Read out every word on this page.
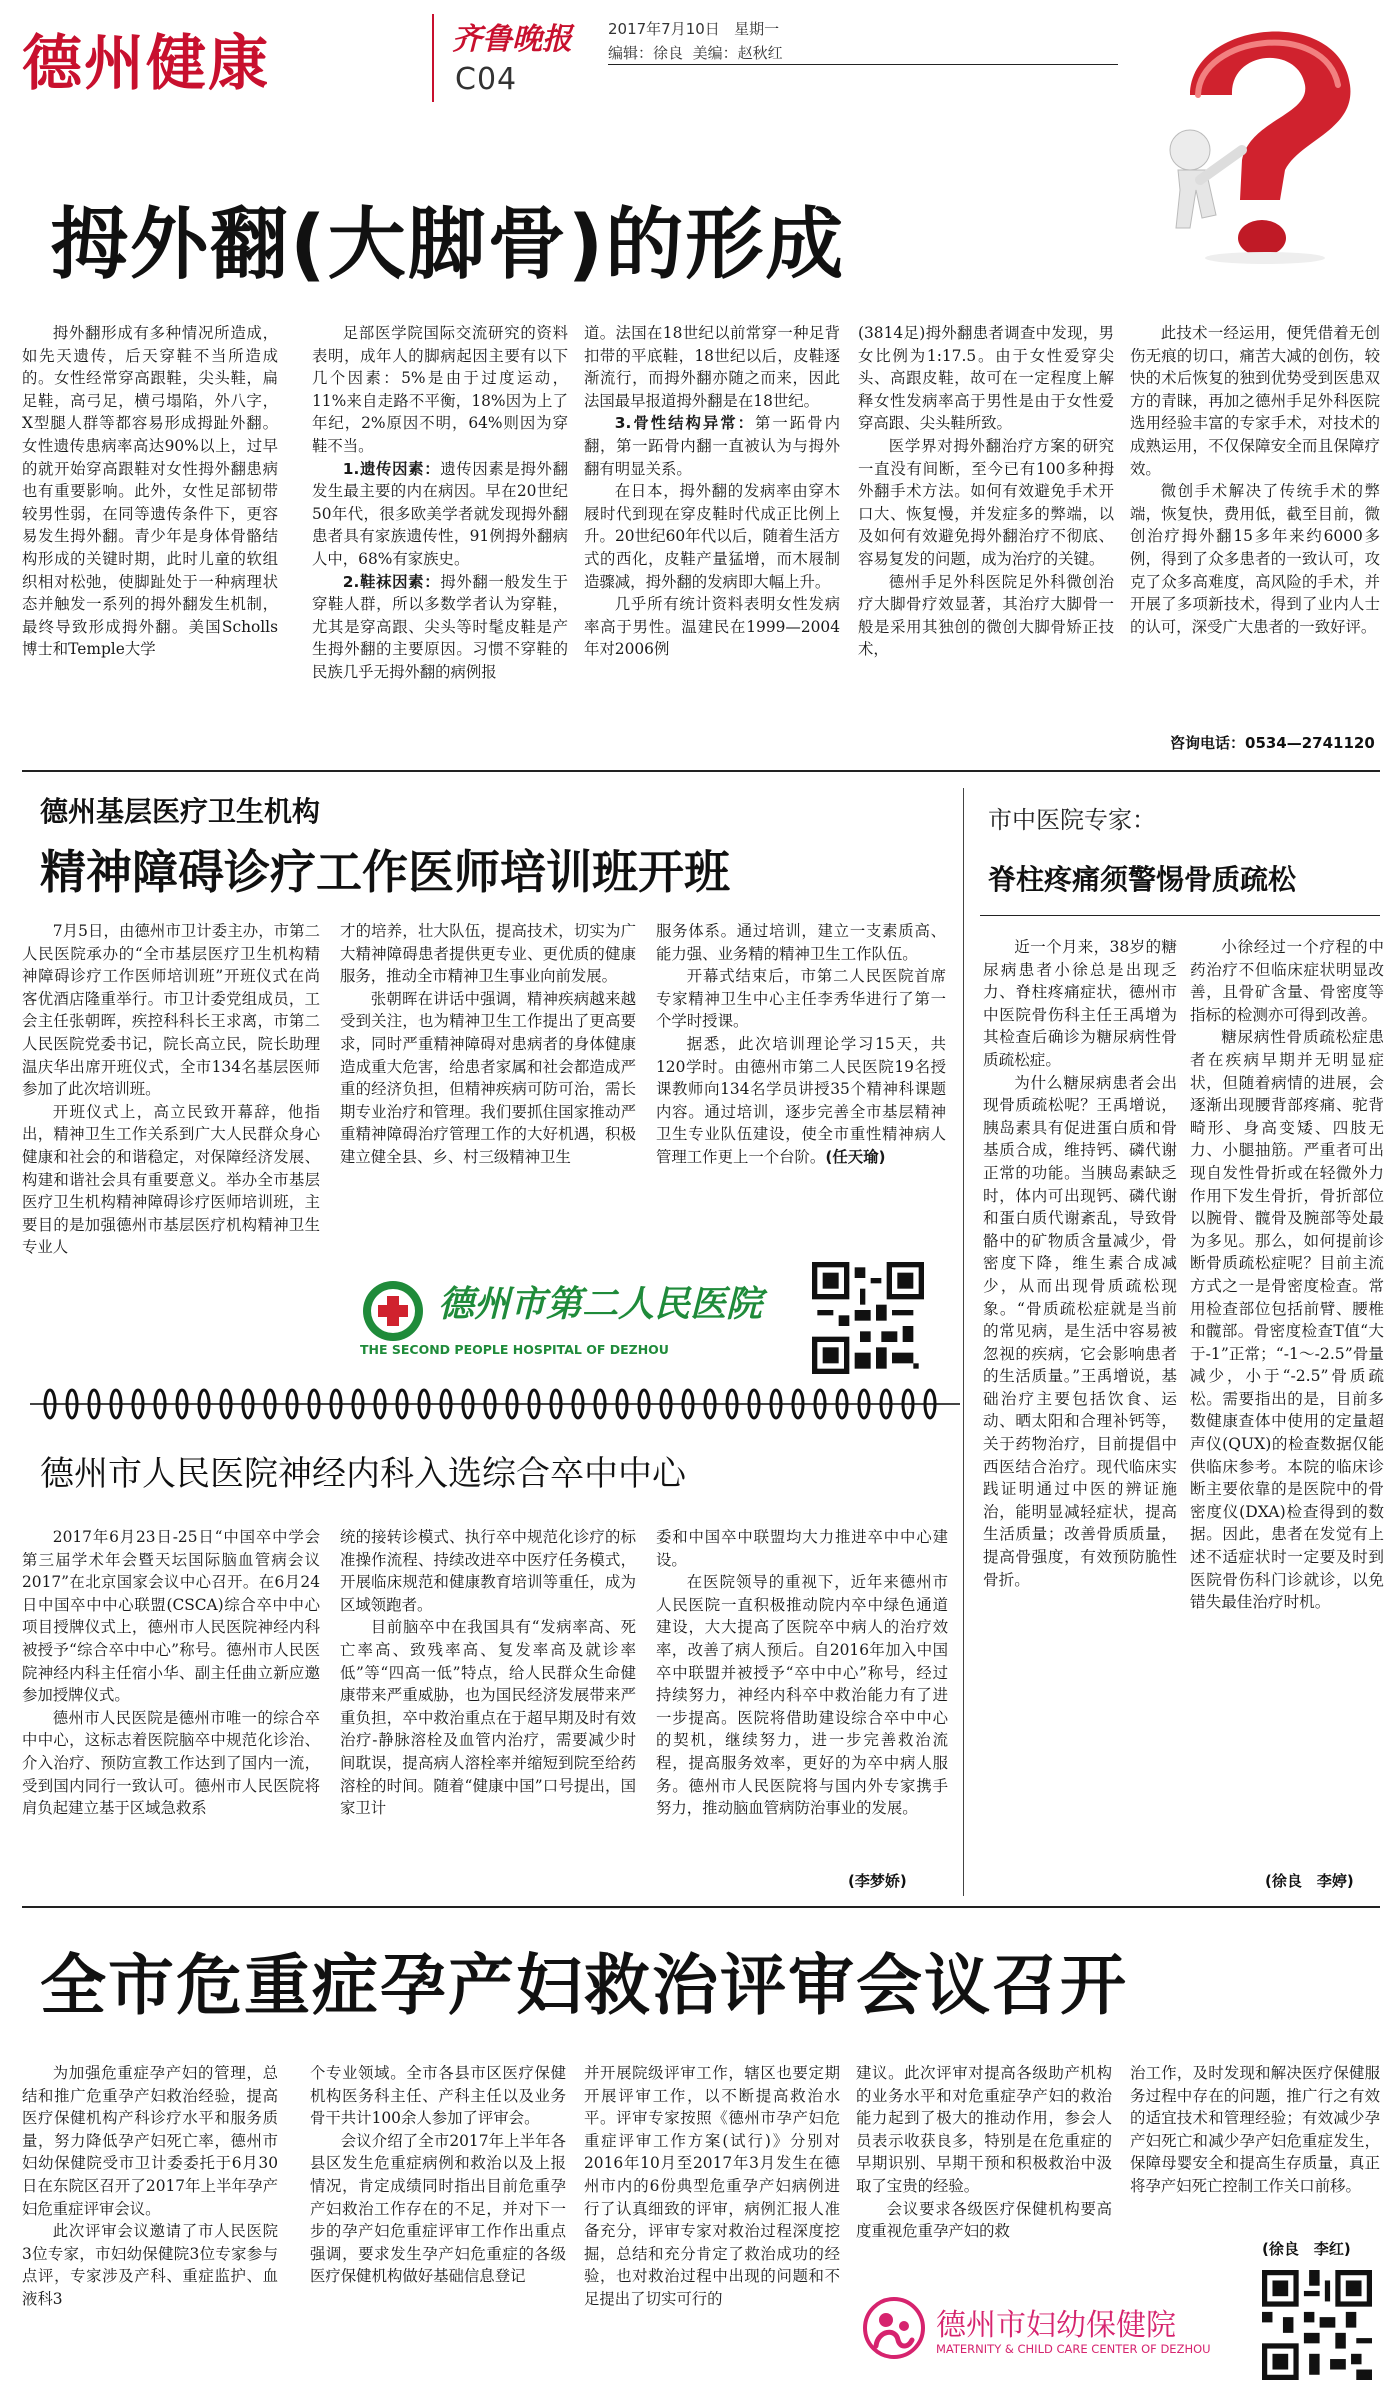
德州健康	齐鲁晚报
C04
2017年7月10日 星期一
编辑：徐良 美编：赵秋红
拇外翻(大脚骨)的形成

拇外翻形成有多种情况所造成，如先天遗传，后天穿鞋不当所造成的。女性经常穿高跟鞋，尖头鞋，扁足鞋，高弓足，横弓塌陷，外八字，X型腿人群等都容易形成拇趾外翻。女性遗传患病率高达90%以上，过早的就开始穿高跟鞋对女性拇外翻患病也有重要影响。此外，女性足部韧带较男性弱，在同等遗传条件下，更容易发生拇外翻。青少年是身体骨骼结构形成的关键时期，此时儿童的软组织相对松弛，使脚趾处于一种病理状态并触发一系列的拇外翻发生机制，最终导致形成拇外翻。美国Scholls博士和Temple大学

足部医学院国际交流研究的资料表明，成年人的脚病起因主要有以下几个因素：5%是由于过度运动，11%来自走路不平衡，18%因为上了年纪，2%原因不明，64%则因为穿鞋不当。

1.遗传因素：遗传因素是拇外翻发生最主要的内在病因。早在20世纪50年代，很多欧美学者就发现拇外翻患者具有家族遗传性，91例拇外翻病人中，68%有家族史。

2.鞋袜因素：拇外翻一般发生于穿鞋人群，所以多数学者认为穿鞋，尤其是穿高跟、尖头等时髦皮鞋是产生拇外翻的主要原因。习惯不穿鞋的民族几乎无拇外翻的病例报

道。法国在18世纪以前常穿一种足背扣带的平底鞋，18世纪以后，皮鞋逐渐流行，而拇外翻亦随之而来，因此法国最早报道拇外翻是在18世纪。

3.骨性结构异常：第一跖骨内翻，第一跖骨内翻一直被认为与拇外翻有明显关系。

在日本，拇外翻的发病率由穿木屐时代到现在穿皮鞋时代成正比例上升。20世纪60年代以后，随着生活方式的西化，皮鞋产量猛增，而木屐制造骤减，拇外翻的发病即大幅上升。

几乎所有统计资料表明女性发病率高于男性。温建民在1999—2004年对2006例

(3814足)拇外翻患者调查中发现，男女比例为1:17.5。由于女性爱穿尖头、高跟皮鞋，故可在一定程度上解释女性发病率高于男性是由于女性爱穿高跟、尖头鞋所致。

医学界对拇外翻治疗方案的研究一直没有间断，至今已有100多种拇外翻手术方法。如何有效避免手术开口大、恢复慢，并发症多的弊端，以及如何有效避免拇外翻治疗不彻底、容易复发的问题，成为治疗的关键。

德州手足外科医院足外科微创治疗大脚骨疗效显著，其治疗大脚骨一般是采用其独创的微创大脚骨矫正技术，

此技术一经运用，便凭借着无创伤无痕的切口，痛苦大减的创伤，较快的术后恢复的独到优势受到医患双方的青睐，再加之德州手足外科医院选用经验丰富的专家手术，对技术的成熟运用，不仅保障安全而且保障疗效。

微创手术解决了传统手术的弊端，恢复快，费用低，截至目前，微创治疗拇外翻15多年来约6000多例，得到了众多患者的一致认可，攻克了众多高难度，高风险的手术，并开展了多项新技术，得到了业内人士的认可，深受广大患者的一致好评。

咨询电话：0534—2741120
德州基层医疗卫生机构
精神障碍诊疗工作医师培训班开班

7月5日，由德州市卫计委主办，市第二人民医院承办的“全市基层医疗卫生机构精神障碍诊疗工作医师培训班”开班仪式在尚客优酒店隆重举行。市卫计委党组成员，工会主任张朝晖，疾控科科长王求离，市第二人民医院党委书记，院长高立民，院长助理温庆华出席开班仪式，全市134名基层医师参加了此次培训班。

开班仪式上，高立民致开幕辞，他指出，精神卫生工作关系到广大人民群众身心健康和社会的和谐稳定，对保障经济发展、构建和谐社会具有重要意义。举办全市基层医疗卫生机构精神障碍诊疗医师培训班，主要目的是加强德州市基层医疗机构精神卫生专业人

才的培养，壮大队伍，提高技术，切实为广大精神障碍患者提供更专业、更优质的健康服务，推动全市精神卫生事业向前发展。

张朝晖在讲话中强调，精神疾病越来越受到关注，也为精神卫生工作提出了更高要求，同时严重精神障碍对患病者的身体健康造成重大危害，给患者家属和社会都造成严重的经济负担，但精神疾病可防可治，需长期专业治疗和管理。我们要抓住国家推动严重精神障碍治疗管理工作的大好机遇，积极建立健全县、乡、村三级精神卫生

服务体系。通过培训，建立一支素质高、能力强、业务精的精神卫生工作队伍。

开幕式结束后，市第二人民医院首席专家精神卫生中心主任李秀华进行了第一个学时授课。

据悉，此次培训理论学习15天，共120学时。由德州市第二人民医院19名授课教师向134名学员讲授35个精神科课题内容。通过培训，逐步完善全市基层精神卫生专业队伍建设，使全市重性精神病人管理工作更上一个台阶。(任天瑜)

德州市第二人民医院
THE SECOND PEOPLE HOSPITAL OF DEZHOU
市中医院专家：
脊柱疼痛须警惕骨质疏松

近一个月来，38岁的糖尿病患者小徐总是出现乏力、脊柱疼痛症状，德州市中医院骨伤科主任王禹增为其检查后确诊为糖尿病性骨质疏松症。

为什么糖尿病患者会出现骨质疏松呢？王禹增说，胰岛素具有促进蛋白质和骨基质合成，维持钙、磷代谢正常的功能。当胰岛素缺乏时，体内可出现钙、磷代谢和蛋白质代谢紊乱，导致骨骼中的矿物质含量减少，骨密度下降，维生素合成减少，从而出现骨质疏松现象。“骨质疏松症就是当前的常见病，是生活中容易被忽视的疾病，它会影响患者的生活质量。”王禹增说，基础治疗主要包括饮食、运动、晒太阳和合理补钙等，关于药物治疗，目前提倡中西医结合治疗。现代临床实践证明通过中医的辨证施治，能明显减轻症状，提高生活质量；改善骨质质量，提高骨强度，有效预防脆性骨折。

小徐经过一个疗程的中药治疗不但临床症状明显改善，且骨矿含量、骨密度等指标的检测亦可得到改善。

糖尿病性骨质疏松症患者在疾病早期并无明显症状，但随着病情的进展，会逐渐出现腰背部疼痛、驼背畸形、身高变矮、四肢无力、小腿抽筋。严重者可出现自发性骨折或在轻微外力作用下发生骨折，骨折部位以腕骨、髋骨及腕部等处最为多见。那么，如何提前诊断骨质疏松症呢？目前主流方式之一是骨密度检查。常用检查部位包括前臂、腰椎和髋部。骨密度检查T值“大于-1”正常；“-1～-2.5”骨量减少，小于“-2.5”骨质疏松。需要指出的是，目前多数健康查体中使用的定量超声仪(QUX)的检查数据仅能供临床参考。本院的临床诊断主要依靠的是医院中的骨密度仪(DXA)检查得到的数据。因此，患者在发觉有上述不适症状时一定要及时到医院骨伤科门诊就诊，以免错失最佳治疗时机。

(徐良　李婷)
德州市人民医院神经内科入选综合卒中中心

2017年6月23日-25日“中国卒中学会第三届学术年会暨天坛国际脑血管病会议2017”在北京国家会议中心召开。在6月24日中国卒中中心联盟(CSCA)综合卒中中心项目授牌仪式上，德州市人民医院神经内科被授予“综合卒中中心”称号。德州市人民医院神经内科主任宿小华、副主任曲立新应邀参加授牌仪式。

德州市人民医院是德州市唯一的综合卒中中心，这标志着医院脑卒中规范化诊治、介入治疗、预防宣教工作达到了国内一流，受到国内同行一致认可。德州市人民医院将肩负起建立基于区域急救系

统的接转诊模式、执行卒中规范化诊疗的标准操作流程、持续改进卒中医疗任务模式，开展临床规范和健康教育培训等重任，成为区域领跑者。

目前脑卒中在我国具有“发病率高、死亡率高、致残率高、复发率高及就诊率低”等“四高一低”特点，给人民群众生命健康带来严重威胁，也为国民经济发展带来严重负担，卒中救治重点在于超早期及时有效治疗-静脉溶栓及血管内治疗，需要减少时间耽误，提高病人溶栓率并缩短到院至给药溶栓的时间。随着“健康中国”口号提出，国家卫计

委和中国卒中联盟均大力推进卒中中心建设。

在医院领导的重视下，近年来德州市人民医院一直积极推动院内卒中绿色通道建设，大大提高了医院卒中病人的治疗效率，改善了病人预后。自2016年加入中国卒中联盟并被授予“卒中中心”称号，经过持续努力，神经内科卒中救治能力有了进一步提高。医院将借助建设综合卒中中心的契机，继续努力，进一步完善救治流程，提高服务效率，更好的为卒中病人服务。德州市人民医院将与国内外专家携手努力，推动脑血管病防治事业的发展。

(李梦娇)
全市危重症孕产妇救治评审会议召开

为加强危重症孕产妇的管理，总结和推广危重孕产妇救治经验，提高医疗保健机构产科诊疗水平和服务质量，努力降低孕产妇死亡率，德州市妇幼保健院受市卫计委委托于6月30日在东院区召开了2017年上半年孕产妇危重症评审会议。

此次评审会议邀请了市人民医院3位专家，市妇幼保健院3位专家参与点评，专家涉及产科、重症监护、血液科3

个专业领域。全市各县市区医疗保健机构医务科主任、产科主任以及业务骨干共计100余人参加了评审会。

会议介绍了全市2017年上半年各县区发生危重症病例和救治以及上报情况，肯定成绩同时指出目前危重孕产妇救治工作存在的不足，并对下一步的孕产妇危重症评审工作作出重点强调，要求发生孕产妇危重症的各级医疗保健机构做好基础信息登记

并开展院级评审工作，辖区也要定期开展评审工作，以不断提高救治水平。评审专家按照《德州市孕产妇危重症评审工作方案(试行)》分别对2016年10月至2017年3月发生在德州市内的6份典型危重孕产妇病例进行了认真细致的评审，病例汇报人准备充分，评审专家对救治过程深度挖掘，总结和充分肯定了救治成功的经验，也对救治过程中出现的问题和不足提出了切实可行的

建议。此次评审对提高各级助产机构的业务水平和对危重症孕产妇的救治能力起到了极大的推动作用，参会人员表示收获良多，特别是在危重症的早期识别、早期干预和积极救治中汲取了宝贵的经验。

会议要求各级医疗保健机构要高度重视危重孕产妇的救

治工作，及时发现和解决医疗保健服务过程中存在的问题，推广行之有效的适宜技术和管理经验；有效减少孕产妇死亡和减少孕产妇危重症发生，保障母婴安全和提高生存质量，真正将孕产妇死亡控制工作关口前移。

(徐良　李红)
德州市妇幼保健院
MATERNITY & CHILD CARE CENTER OF DEZHOU
